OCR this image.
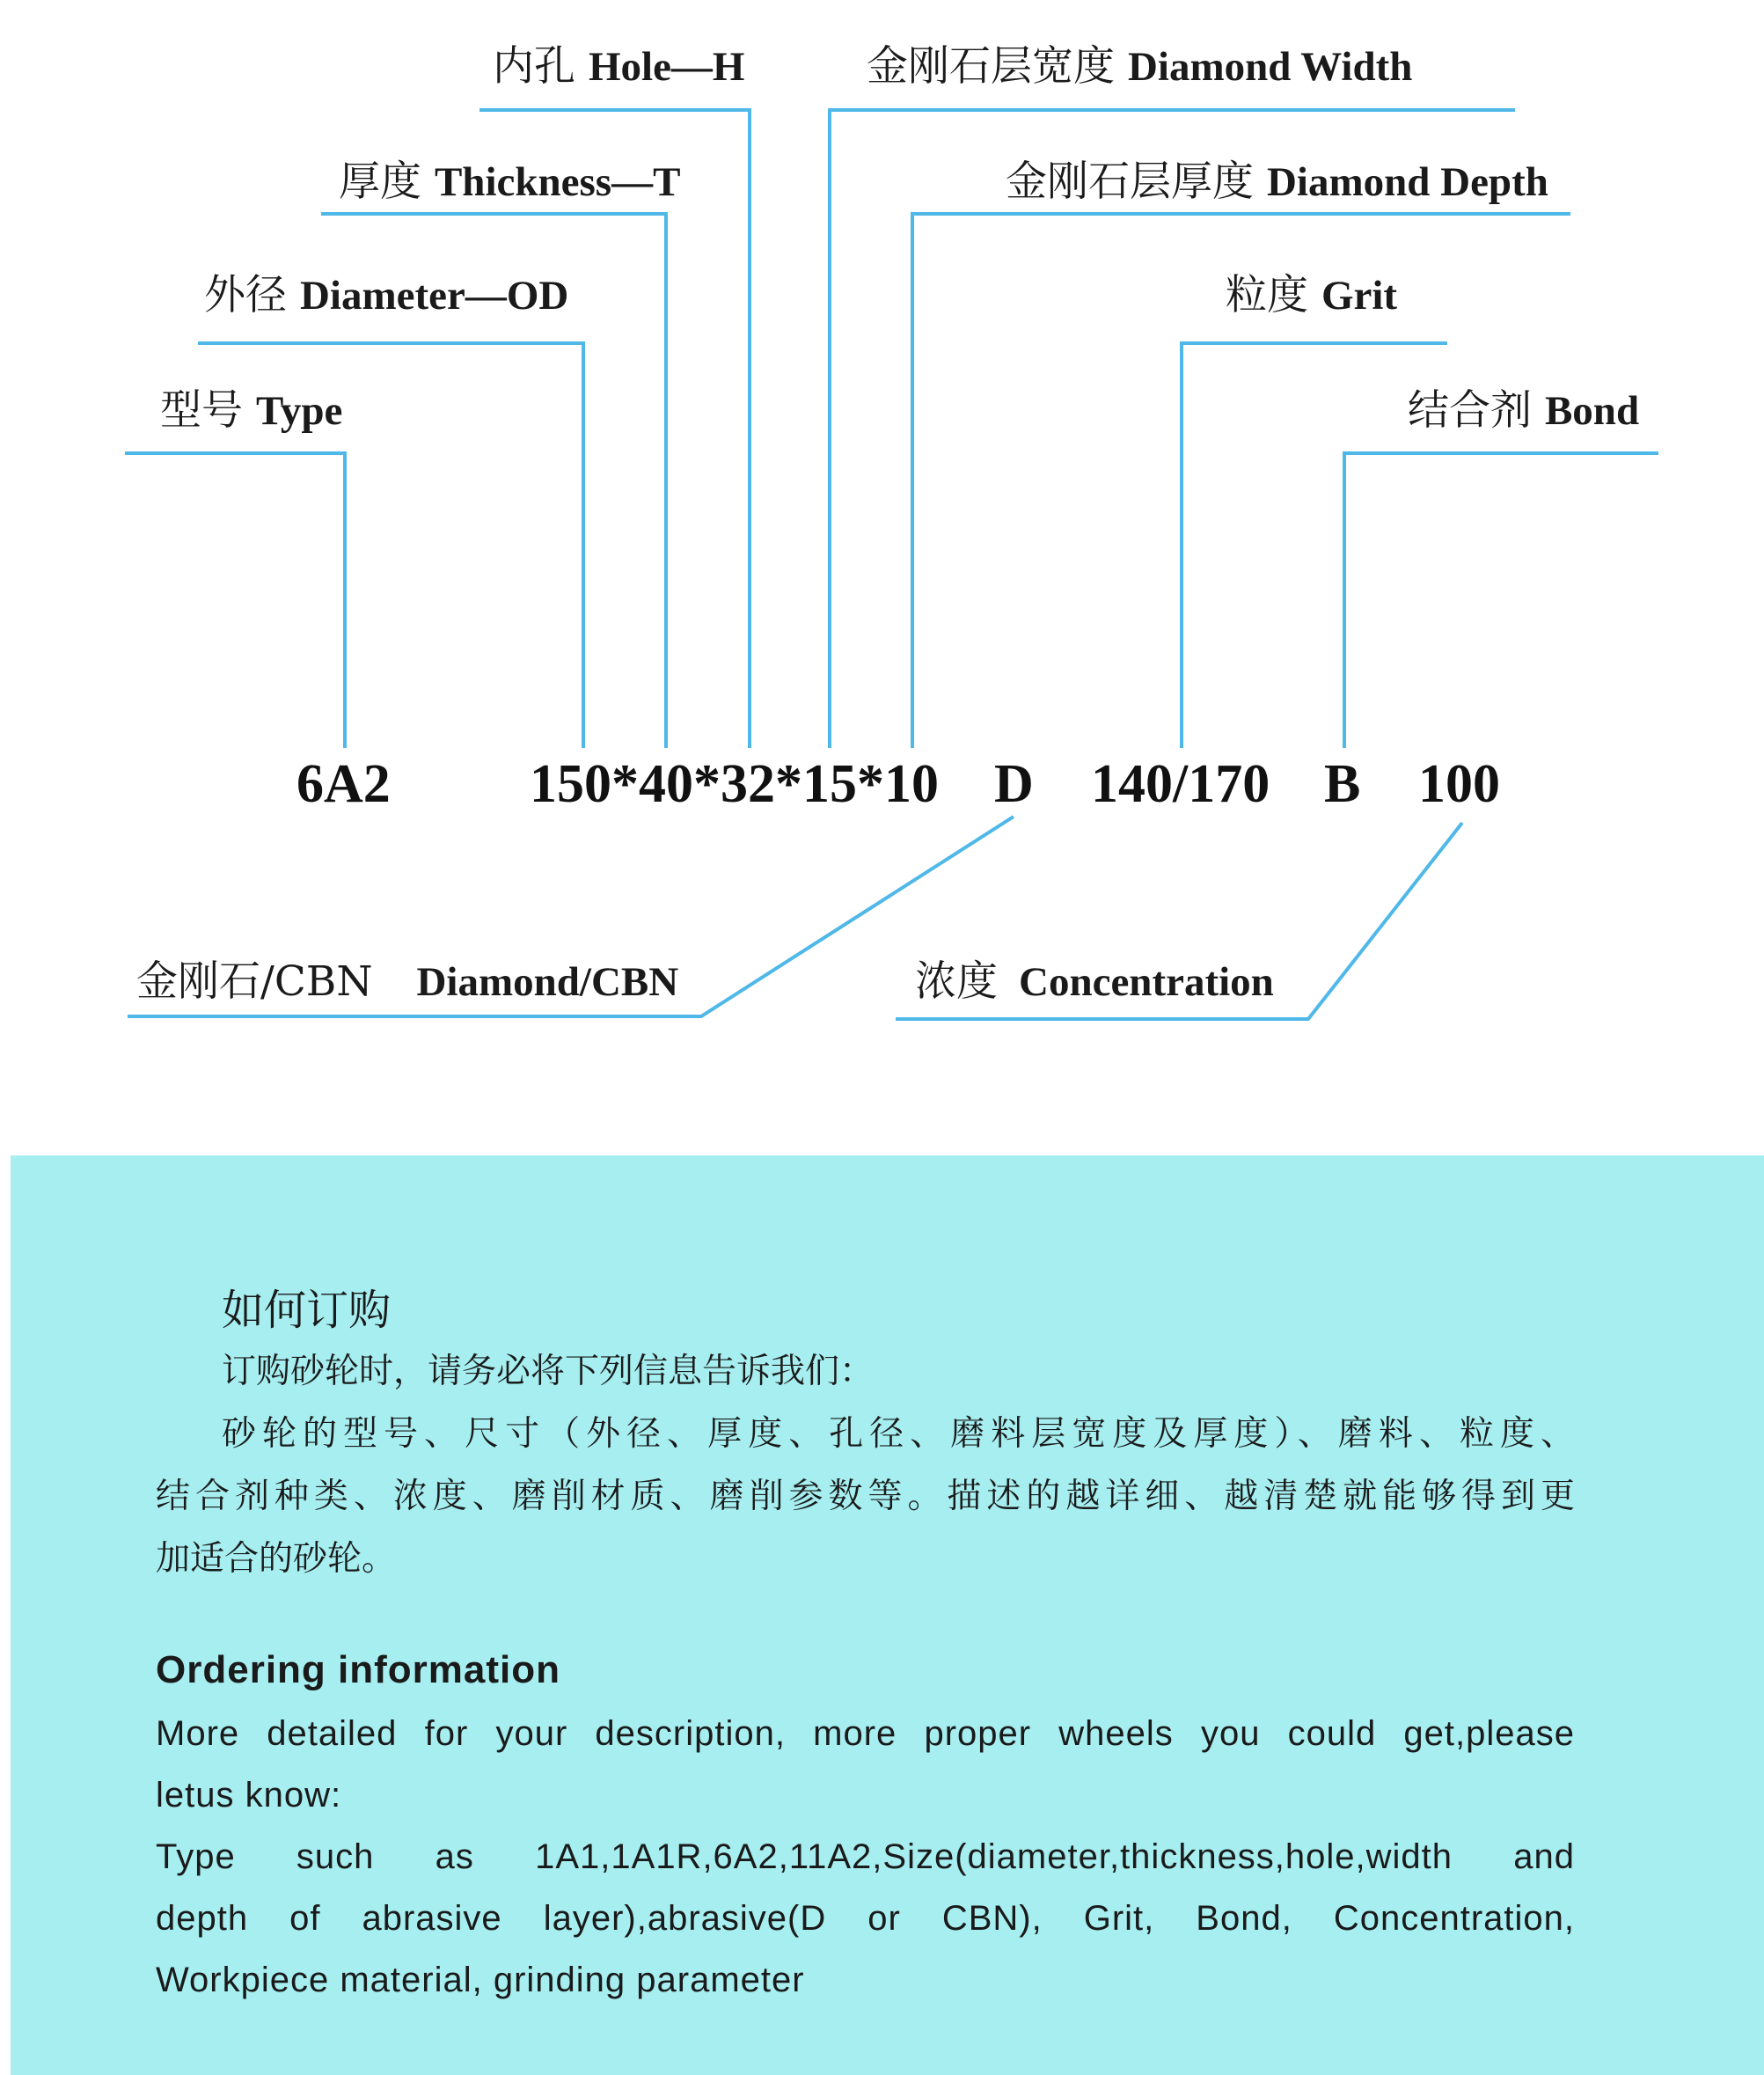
内孔 Hole—H	金刚石层宽度 Diamond Width
厚度 Thickness—T	金刚石层厚度 Diamond Depth
外径 Diameter—OD	粒度 Grit
型号 Type	结合剂 Bond
6A2	150*40*32*15*10 D 140/170 B 100
金刚石/CBN Diamond/CBN	浓度 Concentration
如何订购
订购砂轮时，请务必将下列信息告诉我们：
砂轮的型号、尺寸（外径、厚度、孔径、磨料层宽度及厚度）、磨料、粒度、
结合剂种类、浓度、磨削材质、磨削参数等。描述的越详细、越清楚就能够得到更
加适合的砂轮。
Ordering information
More detailed for your description, more proper wheels you could get,please
letus know:
Type such as 1A1,1A1R,6A2,11A2,Size(diameter,thickness,hole,width and
depth of abrasive layer),abrasive(D or CBN), Grit, Bond, Concentration,
Workpiece material, grinding parameter
